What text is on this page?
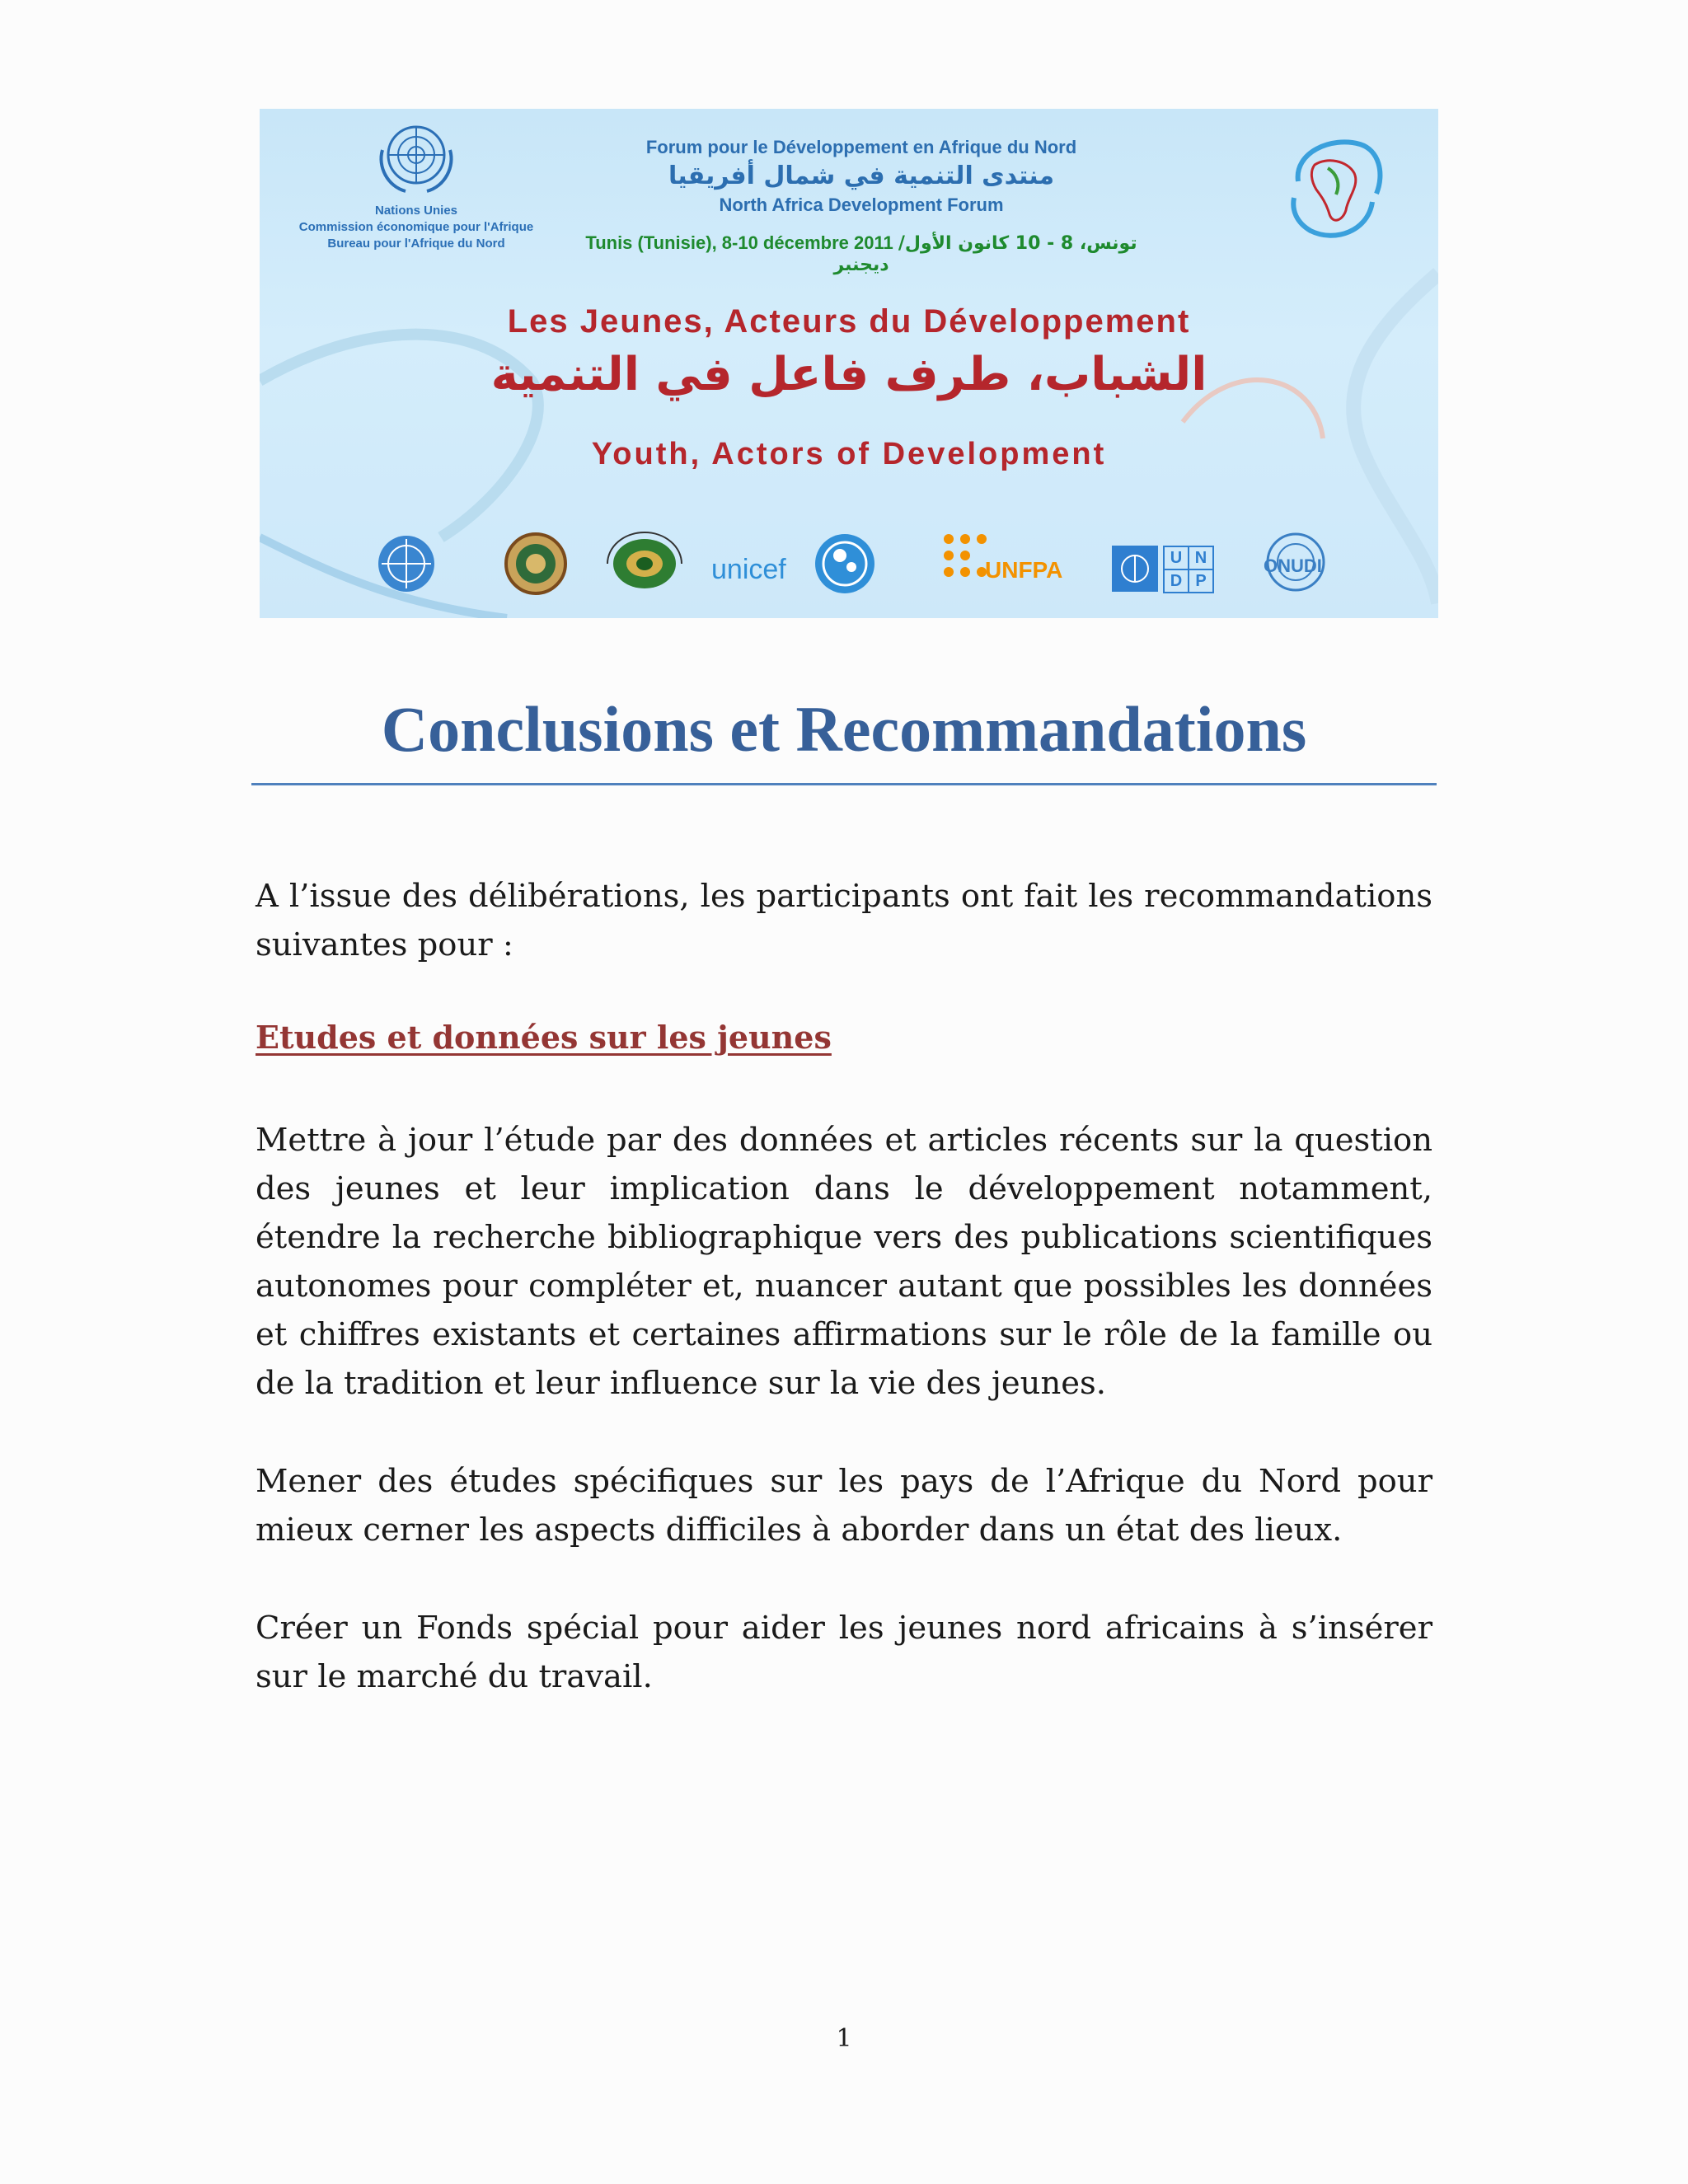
Nations Unies
Commission économique pour l'Afrique
Bureau pour l'Afrique du Nord
Forum pour le Développement en Afrique du Nord
منتدى التنمية في شمال أفريقيا
North Africa Development Forum
Tunis (Tunisie), 8-10 décembre 2011 تونس، 8 - 10 كانون الأول/ ديجنبر
Les Jeunes, Acteurs du Développement
الشباب، طرف فاعل في التنمية
Youth, Actors of Development
unicef	UNFPA	U N
D P
ONUDI
Conclusions et Recommandations

A l’issue des délibérations, les participants ont fait les recommandations suivantes pour :

Etudes et données sur les jeunes

Mettre à jour l’étude par des données et articles récents sur la question des jeunes et leur implication dans le développement notamment, étendre la recherche bibliographique vers des publications scientifiques autonomes pour compléter et, nuancer autant que possibles les données et chiffres existants et certaines affirmations sur le rôle de la famille ou de la tradition et leur influence sur la vie des jeunes.

Mener des études spécifiques sur les pays de l’Afrique du Nord pour mieux cerner les aspects difficiles à aborder dans un état des lieux.

Créer un Fonds spécial pour aider les jeunes nord africains à s’insérer sur le marché du travail.

1
